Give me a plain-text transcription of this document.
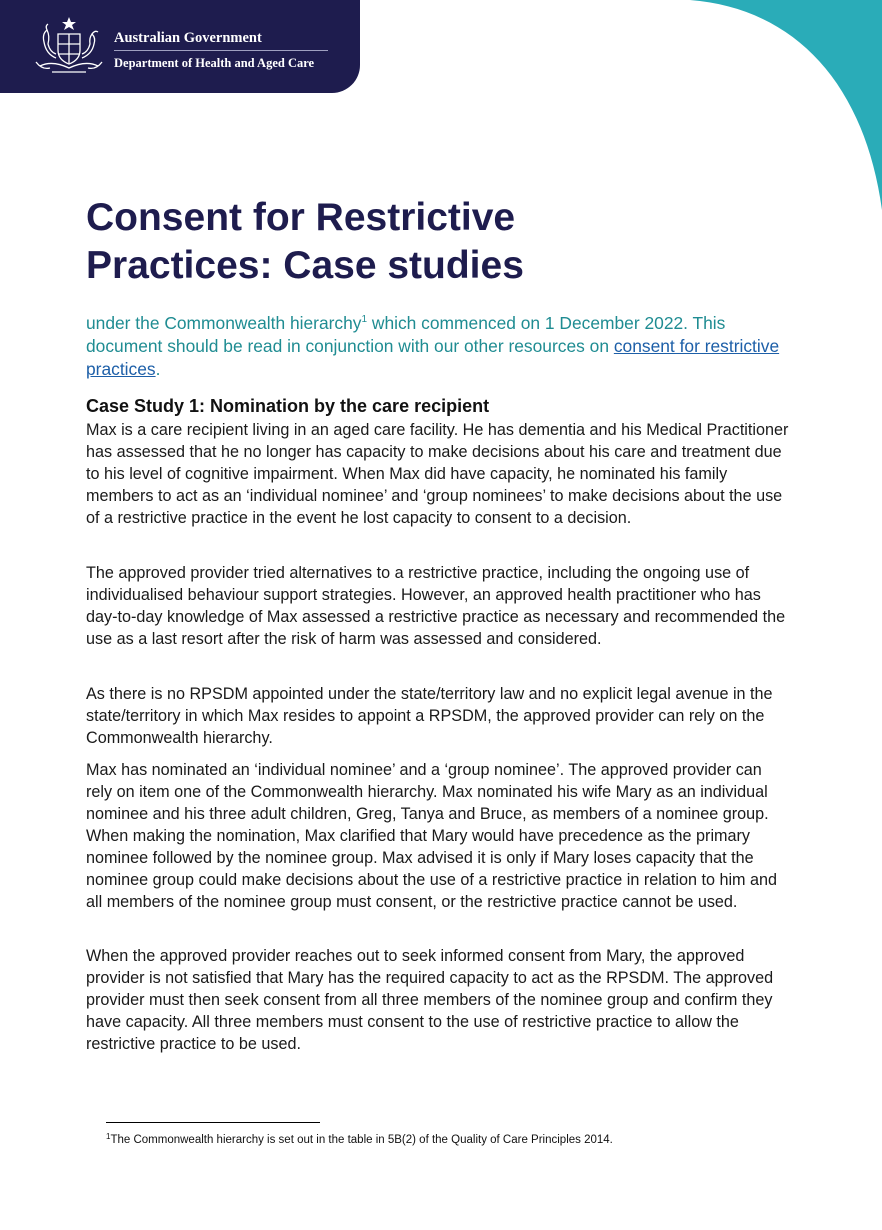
Australian Government
Department of Health and Aged Care
Consent for Restrictive
Practices: Case studies

under the Commonwealth hierarchy$^1$ which commenced on 1 December 2022. This document should be read in conjunction with our other resources on consent for restrictive practices.

Case Study 1: Nomination by the care recipient

Max is a care recipient living in an aged care facility. He has dementia and his Medical Practitioner has assessed that he no longer has capacity to make decisions about his care and treatment due to his level of cognitive impairment. When Max did have capacity, he nominated his family members to act as an ‘individual nominee’ and ‘group nominees’ to make decisions about the use of a restrictive practice in the event he lost capacity to consent to a decision.

The approved provider tried alternatives to a restrictive practice, including the ongoing use of individualised behaviour support strategies. However, an approved health practitioner who has day-to-day knowledge of Max assessed a restrictive practice as necessary and recommended the use as a last resort after the risk of harm was assessed and considered.

As there is no RPSDM appointed under the state/territory law and no explicit legal avenue in the state/territory in which Max resides to appoint a RPSDM, the approved provider can rely on the Commonwealth hierarchy.

Max has nominated an ‘individual nominee’ and a ‘group nominee’. The approved provider can rely on item one of the Commonwealth hierarchy. Max nominated his wife Mary as an individual nominee and his three adult children, Greg, Tanya and Bruce, as members of a nominee group. When making the nomination, Max clarified that Mary would have precedence as the primary nominee followed by the nominee group. Max advised it is only if Mary loses capacity that the nominee group could make decisions about the use of a restrictive practice in relation to him and all members of the nominee group must consent, or the restrictive practice cannot be used.

When the approved provider reaches out to seek informed consent from Mary, the approved provider is not satisfied that Mary has the required capacity to act as the RPSDM. The approved provider must then seek consent from all three members of the nominee group and confirm they have capacity. All three members must consent to the use of restrictive practice to allow the restrictive practice to be used.

$^1$The Commonwealth hierarchy is set out in the table in 5B(2) of the Quality of Care Principles 2014.
